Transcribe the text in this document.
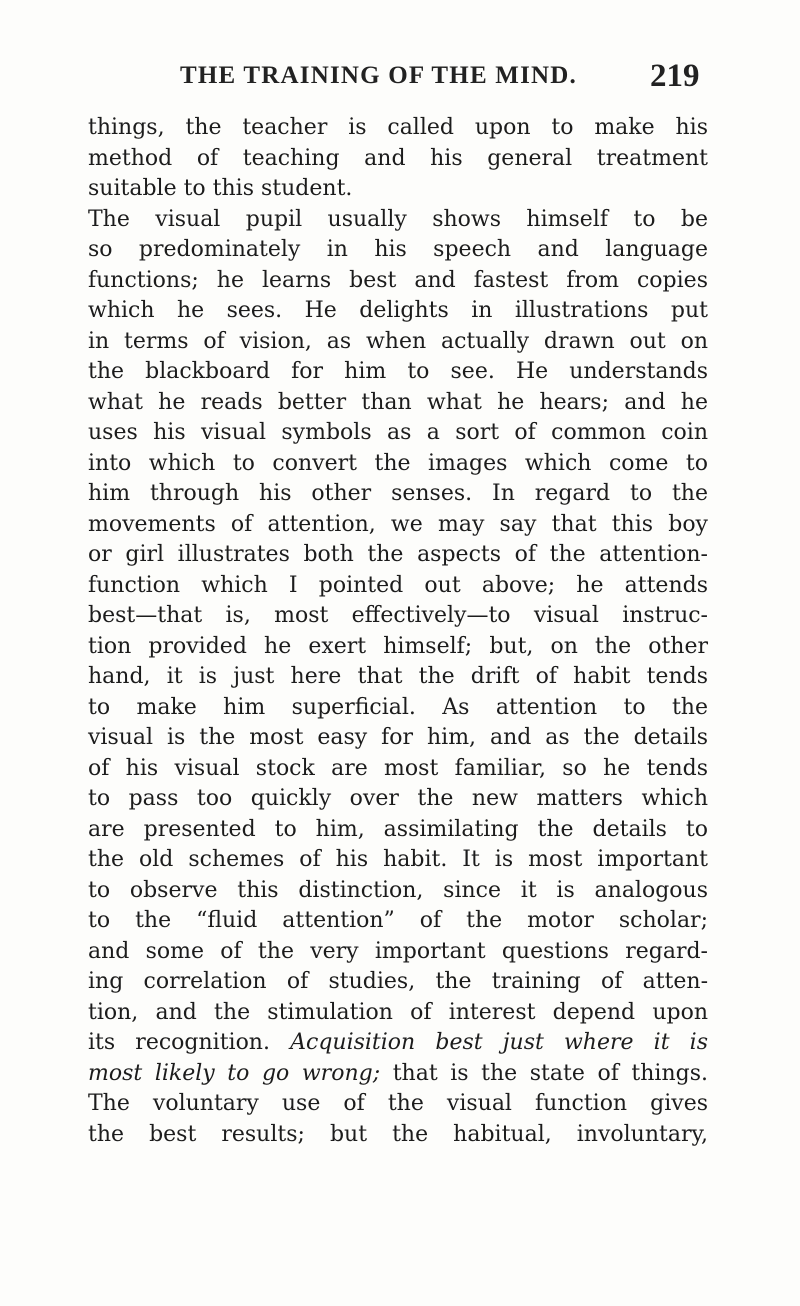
THE TRAINING OF THE MIND. 219
things, the teacher is called upon to make his
method of teaching and his general treatment
suitable to this student.
The visual pupil usually shows himself to be
so predominately in his speech and language
functions; he learns best and fastest from copies
which he sees. He delights in illustrations put
in terms of vision, as when actually drawn out on
the blackboard for him to see. He understands
what he reads better than what he hears; and he
uses his visual symbols as a sort of common coin
into which to convert the images which come to
him through his other senses. In regard to the
movements of attention, we may say that this boy
or girl illustrates both the aspects of the attention-
function which I pointed out above; he attends
best—that is, most effectively—to visual instruc-
tion provided he exert himself; but, on the other
hand, it is just here that the drift of habit tends
to make him superficial. As attention to the
visual is the most easy for him, and as the details
of his visual stock are most familiar, so he tends
to pass too quickly over the new matters which
are presented to him, assimilating the details to
the old schemes of his habit. It is most important
to observe this distinction, since it is analogous
to the “fluid attention” of the motor scholar;
and some of the very important questions regard-
ing correlation of studies, the training of atten-
tion, and the stimulation of interest depend upon
its recognition. Acquisition best just where it is
most likely to go wrong; that is the state of things.
The voluntary use of the visual function gives
the best results; but the habitual, involuntary,
